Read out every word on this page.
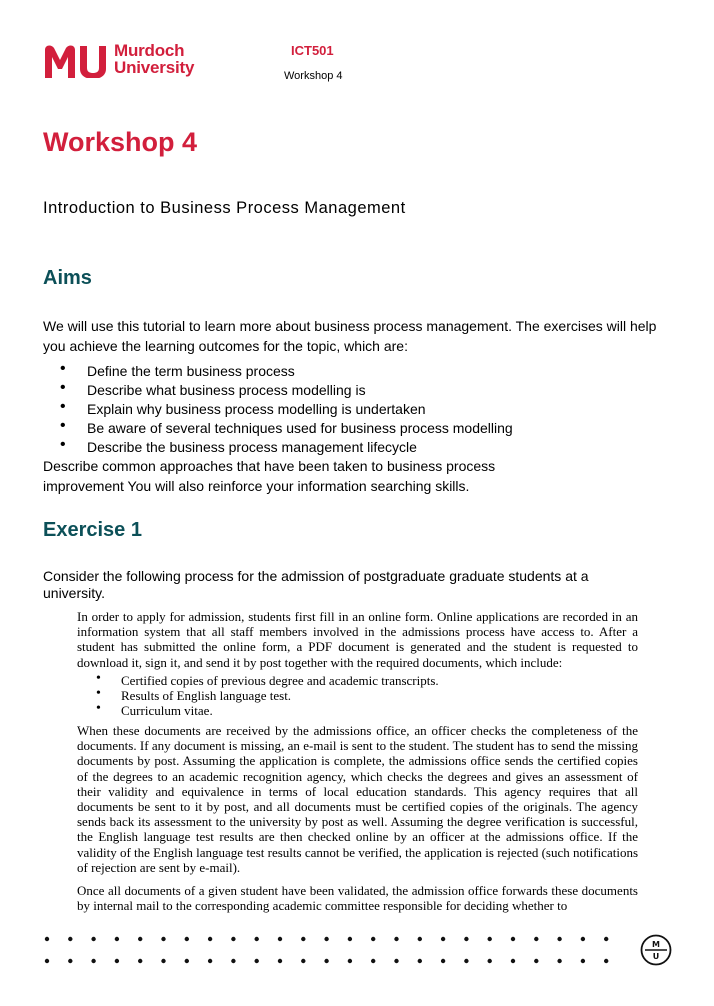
Murdoch
University
ICT501
Workshop 4
Workshop 4

Introduction to Business Process Management

Aims

We will use this tutorial to learn more about business process management. The exercises will help you achieve the learning outcomes for the topic, which are:

• Define the term business process
• Describe what business process modelling is
• Explain why business process modelling is undertaken
• Be aware of several techniques used for business process modelling
• Describe the business process management lifecycle

Describe common approaches that have been taken to business process improvement You will also reinforce your information searching skills.

Exercise 1

Consider the following process for the admission of postgraduate graduate students at a university.

In order to apply for admission, students first fill in an online form. Online applications are recorded in an information system that all staff members involved in the admissions process have access to. After a student has submitted the online form, a PDF document is generated and the student is requested to download it, sign it, and send it by post together with the required documents, which include:

• Certified copies of previous degree and academic transcripts.
• Results of English language test.
• Curriculum vitae.

When these documents are received by the admissions office, an officer checks the completeness of the documents. If any document is missing, an e-mail is sent to the student. The student has to send the missing documents by post. Assuming the application is complete, the admissions office sends the certified copies of the degrees to an academic recognition agency, which checks the degrees and gives an assessment of their validity and equivalence in terms of local education standards. This agency requires that all documents be sent to it by post, and all documents must be certified copies of the originals. The agency sends back its assessment to the university by post as well. Assuming the degree verification is successful, the English language test results are then checked online by an officer at the admissions office. If the validity of the English language test results cannot be verified, the application is rejected (such notifications of rejection are sent by e-mail).

Once all documents of a given student have been validated, the admission office forwards these documents by internal mail to the corresponding academic committee responsible for deciding whether to

M
U
